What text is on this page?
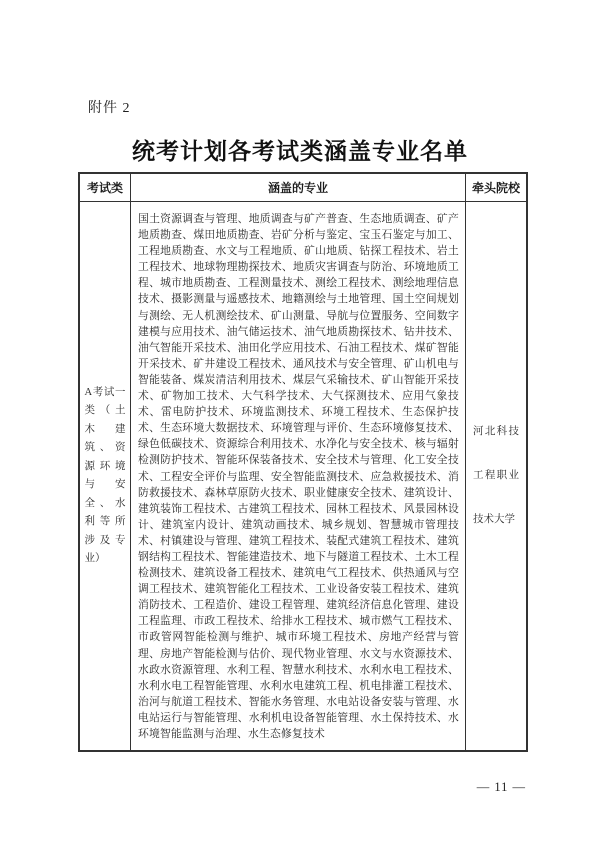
附件 2
统考计划各考试类涵盖专业名单
考试类	涵盖的专业	牵头院校

A考试一类（土木建筑、资源环境与安全、水利等所涉及专业）	国土资源调查与管理、地质调查与矿产普查、生态地质调查、矿产地质勘查、煤田地质勘查、岩矿分析与鉴定、宝玉石鉴定与加工、工程地质勘查、水文与工程地质、矿山地质、钻探工程技术、岩土工程技术、地球物理勘探技术、地质灾害调查与防治、环境地质工程、城市地质勘查、工程测量技术、测绘工程技术、测绘地理信息技术、摄影测量与遥感技术、地籍测绘与土地管理、国土空间规划与测绘、无人机测绘技术、矿山测量、导航与位置服务、空间数字建模与应用技术、油气储运技术、油气地质勘探技术、钻井技术、油气智能开采技术、油田化学应用技术、石油工程技术、煤矿智能开采技术、矿井建设工程技术、通风技术与安全管理、矿山机电与智能装备、煤炭清洁利用技术、煤层气采输技术、矿山智能开采技术、矿物加工技术、大气科学技术、大气探测技术、应用气象技术、雷电防护技术、环境监测技术、环境工程技术、生态保护技术、生态环境大数据技术、环境管理与评价、生态环境修复技术、绿色低碳技术、资源综合利用技术、水净化与安全技术、核与辐射检测防护技术、智能环保装备技术、安全技术与管理、化工安全技术、工程安全评价与监理、安全智能监测技术、应急救援技术、消防救援技术、森林草原防火技术、职业健康安全技术、建筑设计、建筑装饰工程技术、古建筑工程技术、园林工程技术、风景园林设计、建筑室内设计、建筑动画技术、城乡规划、智慧城市管理技术、村镇建设与管理、建筑工程技术、装配式建筑工程技术、建筑钢结构工程技术、智能建造技术、地下与隧道工程技术、土木工程检测技术、建筑设备工程技术、建筑电气工程技术、供热通风与空调工程技术、建筑智能化工程技术、工业设备安装工程技术、建筑消防技术、工程造价、建设工程管理、建筑经济信息化管理、建设工程监理、市政工程技术、给排水工程技术、城市燃气工程技术、市政管网智能检测与维护、城市环境工程技术、房地产经营与管理、房地产智能检测与估价、现代物业管理、水文与水资源技术、水政水资源管理、水利工程、智慧水利技术、水利水电工程技术、水利水电工程智能管理、水利水电建筑工程、机电排灌工程技术、治河与航道工程技术、智能水务管理、水电站设备安装与管理、水电站运行与智能管理、水利机电设备智能管理、水土保持技术、水环境智能监测与治理、水生态修复技术	河北科技工程职业技术大学
— 11 —
